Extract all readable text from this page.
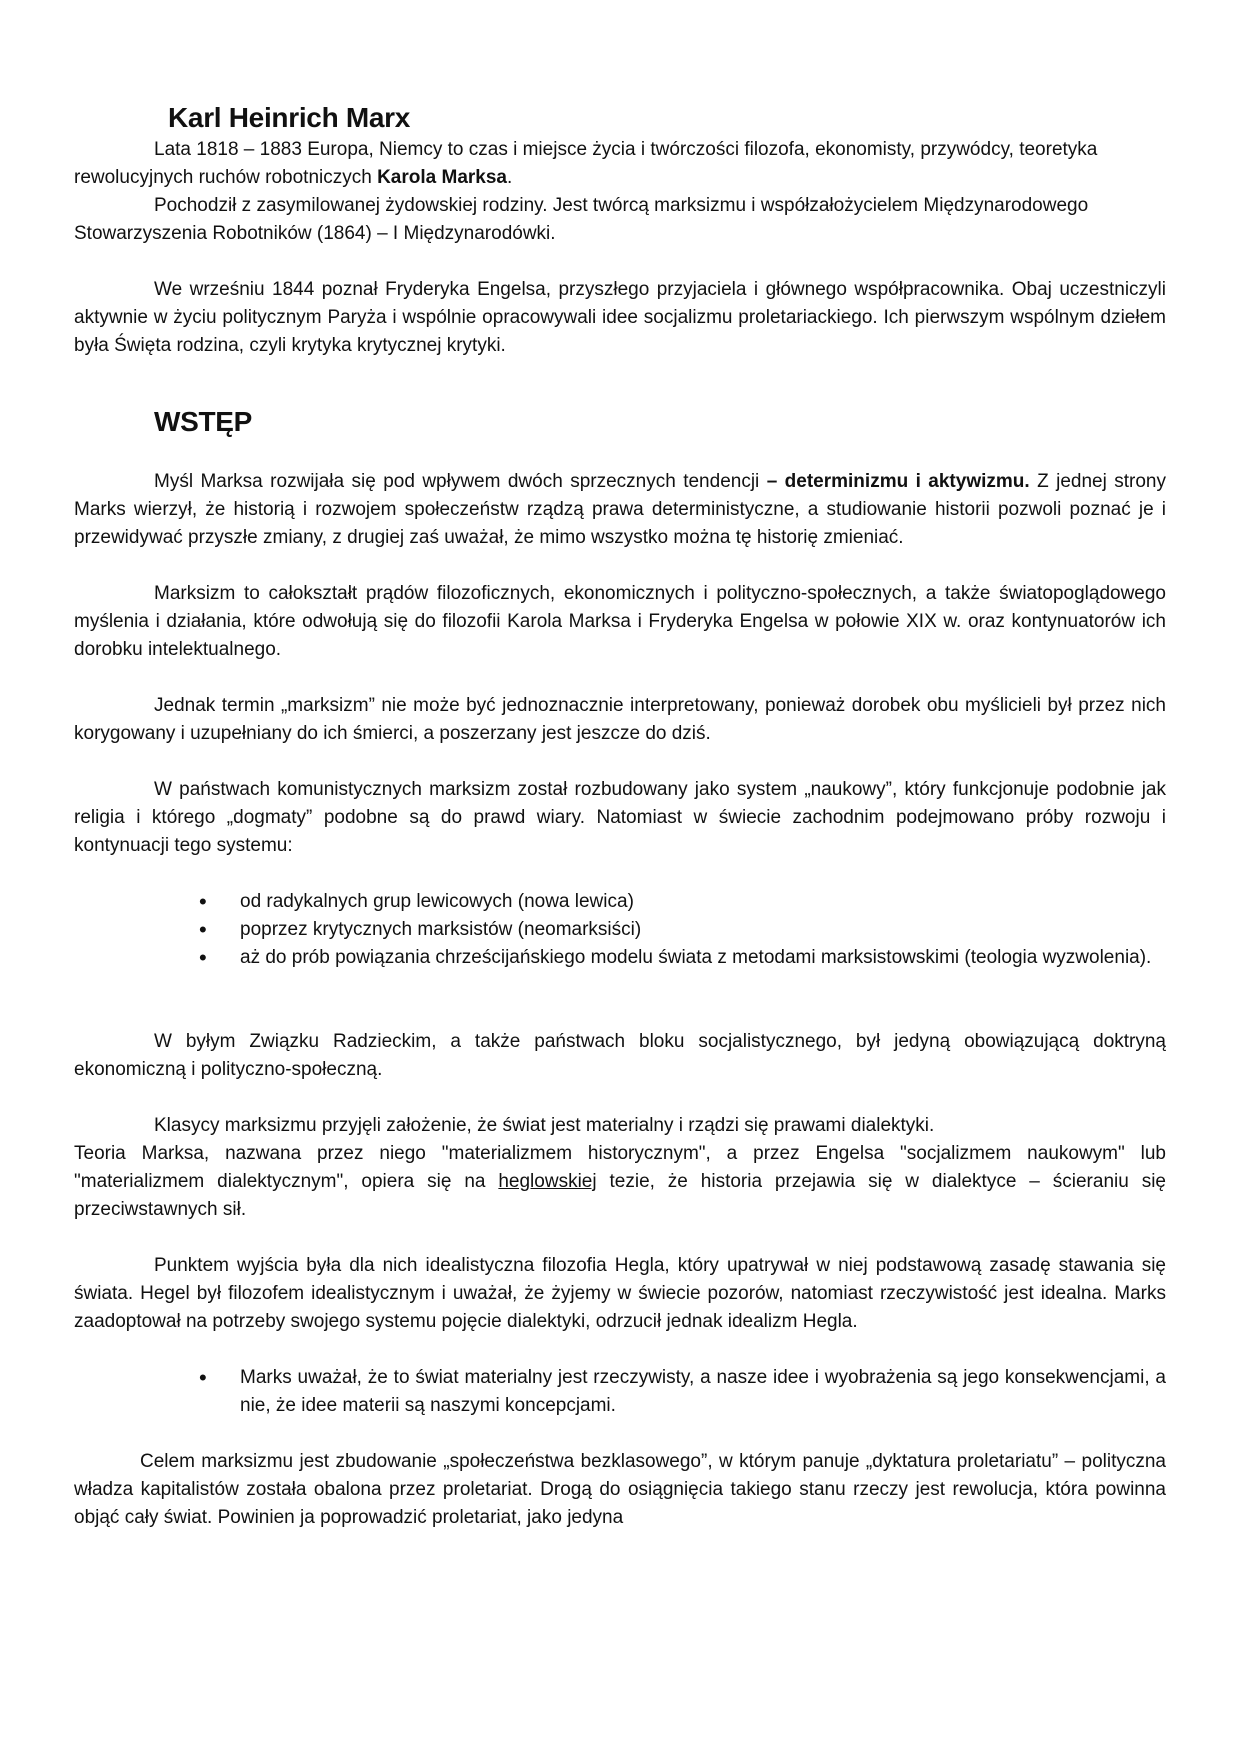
Karl Heinrich Marx

Lata 1818 – 1883 Europa, Niemcy to czas i miejsce życia i twórczości filozofa, ekonomisty, przywódcy, teoretyka rewolucyjnych ruchów robotniczych Karola Marksa.

Pochodził z zasymilowanej żydowskiej rodziny. Jest twórcą marksizmu i współzałożycielem Międzynarodowego Stowarzyszenia Robotników (1864) – I Międzynarodówki.

We wrześniu 1844 poznał Fryderyka Engelsa, przyszłego przyjaciela i głównego współpracownika. Obaj uczestniczyli aktywnie w życiu politycznym Paryża i wspólnie opracowywali idee socjalizmu proletariackiego. Ich pierwszym wspólnym dziełem była Święta rodzina, czyli krytyka krytycznej krytyki.

WSTĘP

Myśl Marksa rozwijała się pod wpływem dwóch sprzecznych tendencji – determinizmu i aktywizmu. Z jednej strony Marks wierzył, że historią i rozwojem społeczeństw rządzą prawa deterministyczne, a studiowanie historii pozwoli poznać je i przewidywać przyszłe zmiany, z drugiej zaś uważał, że mimo wszystko można tę historię zmieniać.

Marksizm to całokształt prądów filozoficznych, ekonomicznych i polityczno-społecznych, a także światopoglądowego myślenia i działania, które odwołują się do filozofii Karola Marksa i Fryderyka Engelsa w połowie XIX w. oraz kontynuatorów ich dorobku intelektualnego.

Jednak termin „marksizm” nie może być jednoznacznie interpretowany, ponieważ dorobek obu myślicieli był przez nich korygowany i uzupełniany do ich śmierci, a poszerzany jest jeszcze do dziś.

W państwach komunistycznych marksizm został rozbudowany jako system „naukowy”, który funkcjonuje podobnie jak religia i którego „dogmaty” podobne są do prawd wiary. Natomiast w świecie zachodnim podejmowano próby rozwoju i kontynuacji tego systemu:

• od radykalnych grup lewicowych (nowa lewica)
• poprzez krytycznych marksistów (neomarksiści)
• aż do prób powiązania chrześcijańskiego modelu świata z metodami marksistowskimi (teologia wyzwolenia).

W byłym Związku Radzieckim, a także państwach bloku socjalistycznego, był jedyną obowiązującą doktryną ekonomiczną i polityczno-społeczną.

Klasycy marksizmu przyjęli założenie, że świat jest materialny i rządzi się prawami dialektyki.

Teoria Marksa, nazwana przez niego "materializmem historycznym", a przez Engelsa "socjalizmem naukowym" lub "materializmem dialektycznym", opiera się na heglowskiej tezie, że historia przejawia się w dialektyce – ścieraniu się przeciwstawnych sił.

Punktem wyjścia była dla nich idealistyczna filozofia Hegla, który upatrywał w niej podstawową zasadę stawania się świata. Hegel był filozofem idealistycznym i uważał, że żyjemy w świecie pozorów, natomiast rzeczywistość jest idealna. Marks zaadoptował na potrzeby swojego systemu pojęcie dialektyki, odrzucił jednak idealizm Hegla.

• Marks uważał, że to świat materialny jest rzeczywisty, a nasze idee i wyobrażenia są jego konsekwencjami, a nie, że idee materii są naszymi koncepcjami.

Celem marksizmu jest zbudowanie „społeczeństwa bezklasowego”, w którym panuje „dyktatura proletariatu” – polityczna władza kapitalistów została obalona przez proletariat. Drogą do osiągnięcia takiego stanu rzeczy jest rewolucja, która powinna objąć cały świat. Powinien ja poprowadzić proletariat, jako jedyna
